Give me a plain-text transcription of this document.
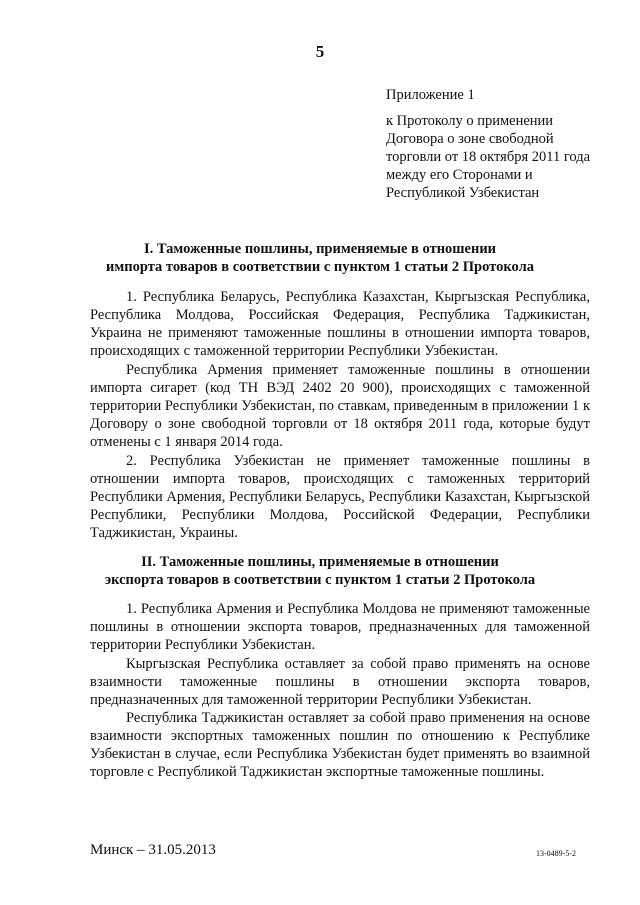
5
Приложение 1
к Протоколу о применении
Договора о зоне свободной
торговли от 18 октября 2011 года
между его Сторонами и
Республикой Узбекистан
I. Таможенные пошлины, применяемые в отношении
импорта товаров в соответствии с пунктом 1 статьи 2 Протокола

1. Республика Беларусь, Республика Казахстан, Кыргызская Республика, Республика Молдова, Российская Федерация, Республика Таджикистан, Украина не применяют таможенные пошлины в отношении импорта товаров, происходящих с таможенной территории Республики Узбекистан.

Республика Армения применяет таможенные пошлины в отношении импорта сигарет (код ТН ВЭД 2402 20 900), происходящих с таможенной территории Республики Узбекистан, по ставкам, приведенным в приложении 1 к Договору о зоне свободной торговли от 18 октября 2011 года, которые будут отменены с 1 января 2014 года.

2. Республика Узбекистан не применяет таможенные пошлины в отношении импорта товаров, происходящих с таможенных территорий Республики Армения, Республики Беларусь, Республики Казахстан, Кыргызской Республики, Республики Молдова, Российской Федерации, Республики Таджикистан, Украины.

II. Таможенные пошлины, применяемые в отношении
экспорта товаров в соответствии с пунктом 1 статьи 2 Протокола

1. Республика Армения и Республика Молдова не применяют таможенные пошлины в отношении экспорта товаров, предназначенных для таможенной территории Республики Узбекистан.

Кыргызская Республика оставляет за собой право применять на основе взаимности таможенные пошлины в отношении экспорта товаров, предназначенных для таможенной территории Республики Узбекистан.

Республика Таджикистан оставляет за собой право применения на основе взаимности экспортных таможенных пошлин по отношению к Республике Узбекистан в случае, если Республика Узбекистан будет применять во взаимной торговле с Республикой Таджикистан экспортные таможенные пошлины.

Минск – 31.05.2013	13-0489-5-2
